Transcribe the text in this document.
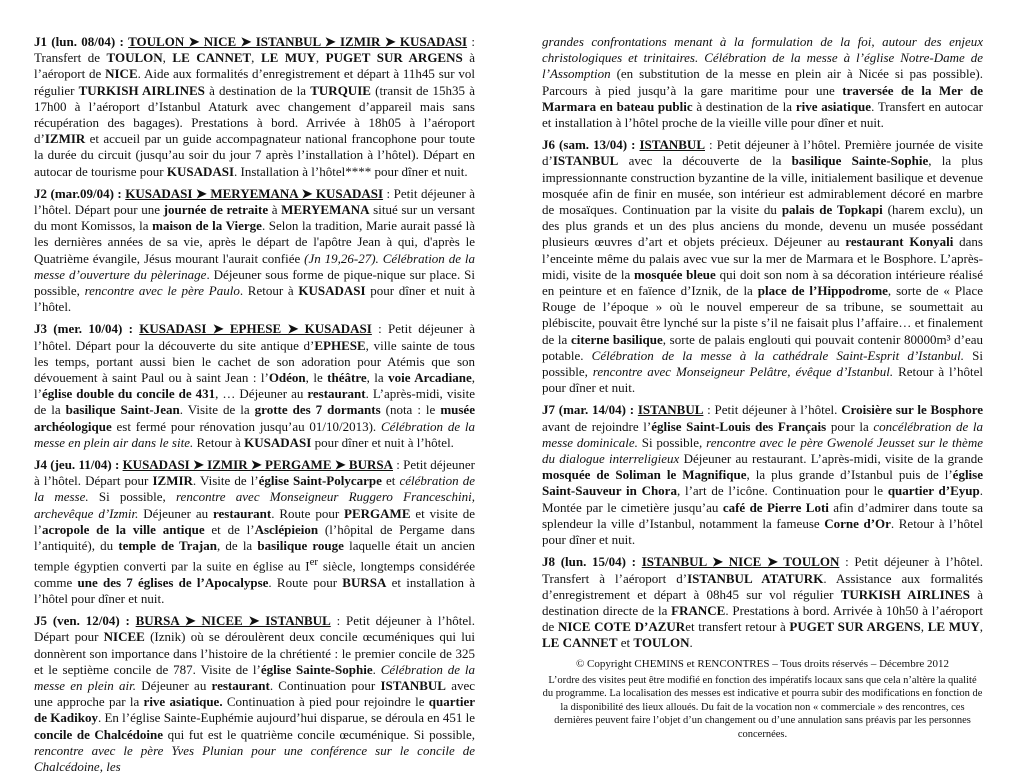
J1 (lun. 08/04) : TOULON ➤ NICE ➤ ISTANBUL ➤ IZMIR ➤ KUSADASI : Transfert de TOULON, LE CANNET, LE MUY, PUGET SUR ARGENS à l’aéroport de NICE. Aide aux formalités d’enregistrement et départ à 11h45 sur vol régulier TURKISH AIRLINES à destination de la TURQUIE (transit de 15h35 à 17h00 à l’aéroport d’Istanbul Ataturk avec changement d’appareil mais sans récupération des bagages). Prestations à bord. Arrivée à 18h05 à l’aéroport d’IZMIR et accueil par un guide accompagnateur national francophone pour toute la durée du circuit (jusqu’au soir du jour 7 après l’installation à l’hôtel). Départ en autocar de tourisme pour KUSADASI. Installation à l’hôtel**** pour dîner et nuit.

J2 (mar.09/04) : KUSADASI ➤ MERYEMANA ➤ KUSADASI : Petit déjeuner à l’hôtel. Départ pour une journée de retraite à MERYEMANA situé sur un versant du mont Komissos, la maison de la Vierge. Selon la tradition, Marie aurait passé là les dernières années de sa vie, après le départ de l'apôtre Jean à qui, d'après le Quatrième évangile, Jésus mourant l'aurait confiée (Jn 19,26-27). Célébration de la messe d’ouverture du pèlerinage. Déjeuner sous forme de pique-nique sur place. Si possible, rencontre avec le père Paulo. Retour à KUSADASI pour dîner et nuit à l’hôtel.

J3 (mer. 10/04) : KUSADASI ➤ EPHESE ➤ KUSADASI : Petit déjeuner à l’hôtel. Départ pour la découverte du site antique d’EPHESE, ville sainte de tous les temps, portant aussi bien le cachet de son adoration pour Atémis que son dévouement à saint Paul ou à saint Jean : l’Odéon, le théâtre, la voie Arcadiane, l’église double du concile de 431, … Déjeuner au restaurant. L’après-midi, visite de la basilique Saint-Jean. Visite de la grotte des 7 dormants (nota : le musée archéologique est fermé pour rénovation jusqu’au 01/10/2013). Célébration de la messe en plein air dans le site. Retour à KUSADASI pour dîner et nuit à l’hôtel.

J4 (jeu. 11/04) : KUSADASI ➤ IZMIR ➤ PERGAME ➤ BURSA : Petit déjeuner à l’hôtel. Départ pour IZMIR. Visite de l’église Saint-Polycarpe et célébration de la messe. Si possible, rencontre avec Monseigneur Ruggero Franceschini, archevêque d’Izmir. Déjeuner au restaurant. Route pour PERGAME et visite de l’acropole de la ville antique et de l’Asclépieion (l’hôpital de Pergame dans l’antiquité), du temple de Trajan, de la basilique rouge laquelle était un ancien temple égyptien converti par la suite en église au Ier siècle, longtemps considérée comme une des 7 églises de l’Apocalypse. Route pour BURSA et installation à l’hôtel pour dîner et nuit.

J5 (ven. 12/04) : BURSA ➤ NICEE ➤ ISTANBUL : Petit déjeuner à l’hôtel. Départ pour NICEE (Iznik) où se déroulèrent deux concile œcuméniques qui lui donnèrent son importance dans l’histoire de la chrétienté : le premier concile de 325 et le septième concile de 787. Visite de l’église Sainte-Sophie. Célébration de la messe en plein air. Déjeuner au restaurant. Continuation pour ISTANBUL avec une approche par la rive asiatique. Continuation à pied pour rejoindre le quartier de Kadikoy. En l’église Sainte-Euphémie aujourd’hui disparue, se déroula en 451 le concile de Chalcédoine qui fut est le quatrième concile œcuménique. Si possible, rencontre avec le père Yves Plunian pour une conférence sur le concile de Chalcédoine, les

grandes confrontations menant à la formulation de la foi, autour des enjeux christologiques et trinitaires. Célébration de la messe à l’église Notre-Dame de l’Assomption (en substitution de la messe en plein air à Nicée si pas possible). Parcours à pied jusqu’à la gare maritime pour une traversée de la Mer de Marmara en bateau public à destination de la rive asiatique. Transfert en autocar et installation à l’hôtel proche de la vieille ville pour dîner et nuit.

J6 (sam. 13/04) : ISTANBUL : Petit déjeuner à l’hôtel. Première journée de visite d’ISTANBUL avec la découverte de la basilique Sainte-Sophie, la plus impressionnante construction byzantine de la ville, initialement basilique et devenue mosquée afin de finir en musée, son intérieur est admirablement décoré en marbre de mosaïques. Continuation par la visite du palais de Topkapi (harem exclu), un des plus grands et un des plus anciens du monde, devenu un musée possédant plusieurs œuvres d’art et objets précieux. Déjeuner au restaurant Konyali dans l’enceinte même du palais avec vue sur la mer de Marmara et le Bosphore. L’après-midi, visite de la mosquée bleue qui doit son nom à sa décoration intérieure réalisé en peinture et en faïence d’Iznik, de la place de l’Hippodrome, sorte de « Place Rouge de l’époque » où le nouvel empereur de sa tribune, se soumettait au plébiscite, pouvait être lynché sur la piste s’il ne faisait plus l’affaire… et finalement de la citerne basilique, sorte de palais englouti qui pouvait contenir 80000m³ d’eau potable. Célébration de la messe à la cathédrale Saint-Esprit d’Istanbul. Si possible, rencontre avec Monseigneur Pelâtre, évêque d’Istanbul. Retour à l’hôtel pour dîner et nuit.

J7 (mar. 14/04) : ISTANBUL : Petit déjeuner à l’hôtel. Croisière sur le Bosphore avant de rejoindre l’église Saint-Louis des Français pour la concélébration de la messe dominicale. Si possible, rencontre avec le père Gwenolé Jeusset sur le thème du dialogue interreligieux Déjeuner au restaurant. L’après-midi, visite de la grande mosquée de Soliman le Magnifique, la plus grande d’Istanbul puis de l’église Saint-Sauveur in Chora, l’art de l’icône. Continuation pour le quartier d’Eyup. Montée par le cimetière jusqu’au café de Pierre Loti afin d’admirer dans toute sa splendeur la ville d’Istanbul, notamment la fameuse Corne d’Or. Retour à l’hôtel pour dîner et nuit.

J8 (lun. 15/04) : ISTANBUL ➤ NICE ➤ TOULON : Petit déjeuner à l’hôtel. Transfert à l’aéroport d’ISTANBUL ATATURK. Assistance aux formalités d’enregistrement et départ à 08h45 sur vol régulier TURKISH AIRLINES à destination directe de la FRANCE. Prestations à bord. Arrivée à 10h50 à l’aéroport de NICE COTE D’AZURet transfert retour à PUGET SUR ARGENS, LE MUY, LE CANNET et TOULON.

© Copyright CHEMINS et RENCONTRES – Tous droits réservés – Décembre 2012
L’ordre des visites peut être modifié en fonction des impératifs locaux sans que cela n’altère la qualité du programme. La localisation des messes est indicative et pourra subir des modifications en fonction de la disponibilité des lieux alloués. Du fait de la vocation non « commerciale » des rencontres, ces dernières peuvent faire l’objet d’un changement ou d’une annulation sans préavis par les personnes concernées.
